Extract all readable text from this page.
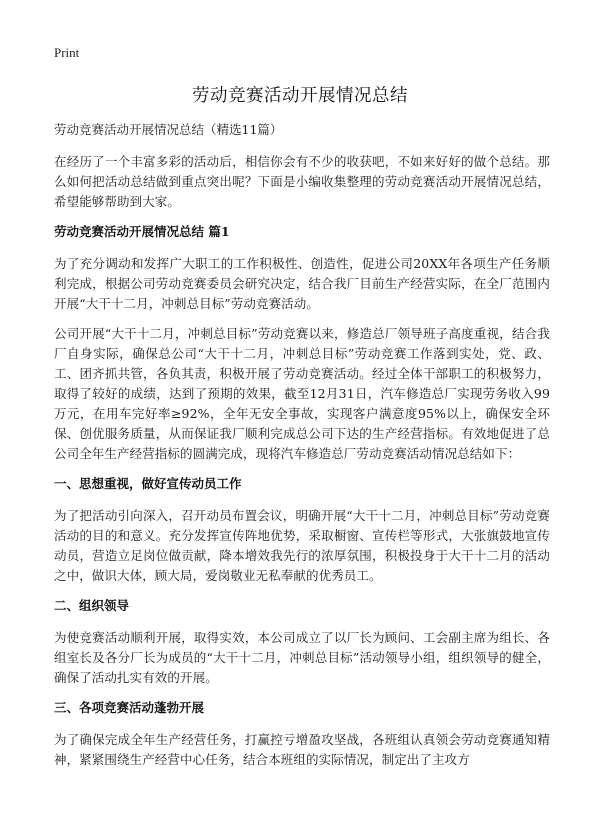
Print
劳动竞赛活动开展情况总结
劳动竞赛活动开展情况总结（精选11篇）

在经历了一个丰富多彩的活动后，相信你会有不少的收获吧，不如来好好的做个总结。那么如何把活动总结做到重点突出呢？下面是小编收集整理的劳动竞赛活动开展情况总结，希望能够帮助到大家。

劳动竞赛活动开展情况总结 篇1

为了充分调动和发挥广大职工的工作积极性、创造性，促进公司20XX年各项生产任务顺利完成，根据公司劳动竞赛委员会研究决定，结合我厂目前生产经营实际，在全厂范围内开展“大干十二月，冲刺总目标”劳动竞赛活动。

公司开展“大干十二月，冲刺总目标”劳动竞赛以来，修造总厂领导班子高度重视，结合我厂自身实际，确保总公司“大干十二月，冲刺总目标”劳动竞赛工作落到实处，党、政、工、团齐抓共管，各负其责，积极开展了劳动竞赛活动。经过全体干部职工的积极努力，取得了较好的成绩，达到了预期的效果，截至12月31日，汽车修造总厂实现劳务收入99万元，在用车完好率≥92%，全年无安全事故，实现客户满意度95%以上，确保安全环保、创优服务质量，从而保证我厂顺利完成总公司下达的生产经营指标。有效地促进了总公司全年生产经营指标的圆满完成，现将汽车修造总厂劳动竞赛活动情况总结如下：

一、思想重视，做好宣传动员工作

为了把活动引向深入，召开动员布置会议，明确开展“大干十二月，冲刺总目标”劳动竞赛活动的目的和意义。充分发挥宣传阵地优势，采取橱窗、宣传栏等形式，大张旗鼓地宣传动员，营造立足岗位做贡献，降本增效我先行的浓厚氛围，积极投身于大干十二月的活动之中，做识大体，顾大局，爱岗敬业无私奉献的优秀员工。

二、组织领导

为使竞赛活动顺利开展，取得实效，本公司成立了以厂长为顾问、工会副主席为组长、各组室长及各分厂长为成员的“大干十二月，冲刺总目标”活动领导小组，组织领导的健全，确保了活动扎实有效的开展。

三、各项竞赛活动蓬勃开展

为了确保完成全年生产经营任务，打赢控亏增盈攻坚战，各班组认真领会劳动竞赛通知精神，紧紧围绕生产经营中心任务，结合本班组的实际情况，制定出了主攻方
